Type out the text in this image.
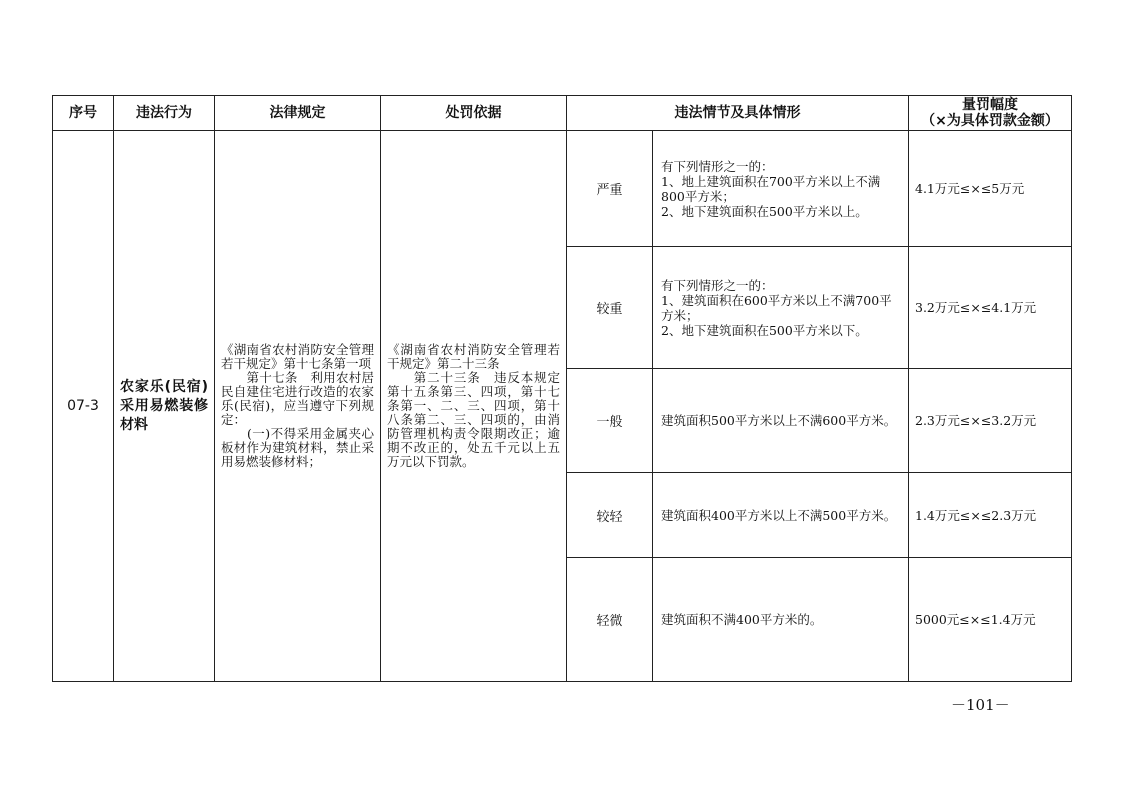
序号	违法行为	法律规定	处罚依据	违法情节及具体情形		量罚幅度
（×为具体罚款金额）

07-3	农家乐(民宿)采用易燃装修材料	《湖南省农村消防安全管理若干规定》第十七条第一项
　　第十七条　利用农村居民自建住宅进行改造的农家乐(民宿)，应当遵守下列规定：
　　(一)不得采用金属夹心板材作为建筑材料，禁止采用易燃装修材料；	《湖南省农村消防安全管理若干规定》第二十三条
　　第二十三条　违反本规定第十五条第三、四项，第十七条第一、二、三、四项，第十八条第二、三、四项的，由消防管理机构责令限期改正；逾期不改正的，处五千元以上五万元以下罚款。	严重	有下列情形之一的：
1、地上建筑面积在700平方米以上不满800平方米；
2、地下建筑面积在500平方米以上。	4.1万元≤×≤5万元
				较重	有下列情形之一的：
1、建筑面积在600平方米以上不满700平方米；
2、地下建筑面积在500平方米以下。	3.2万元≤×≤4.1万元
				一般	建筑面积500平方米以上不满600平方米。	2.3万元≤×≤3.2万元
				较轻	建筑面积400平方米以上不满500平方米。	1.4万元≤×≤2.3万元
				轻微	建筑面积不满400平方米的。	5000元≤×≤1.4万元
－101－
